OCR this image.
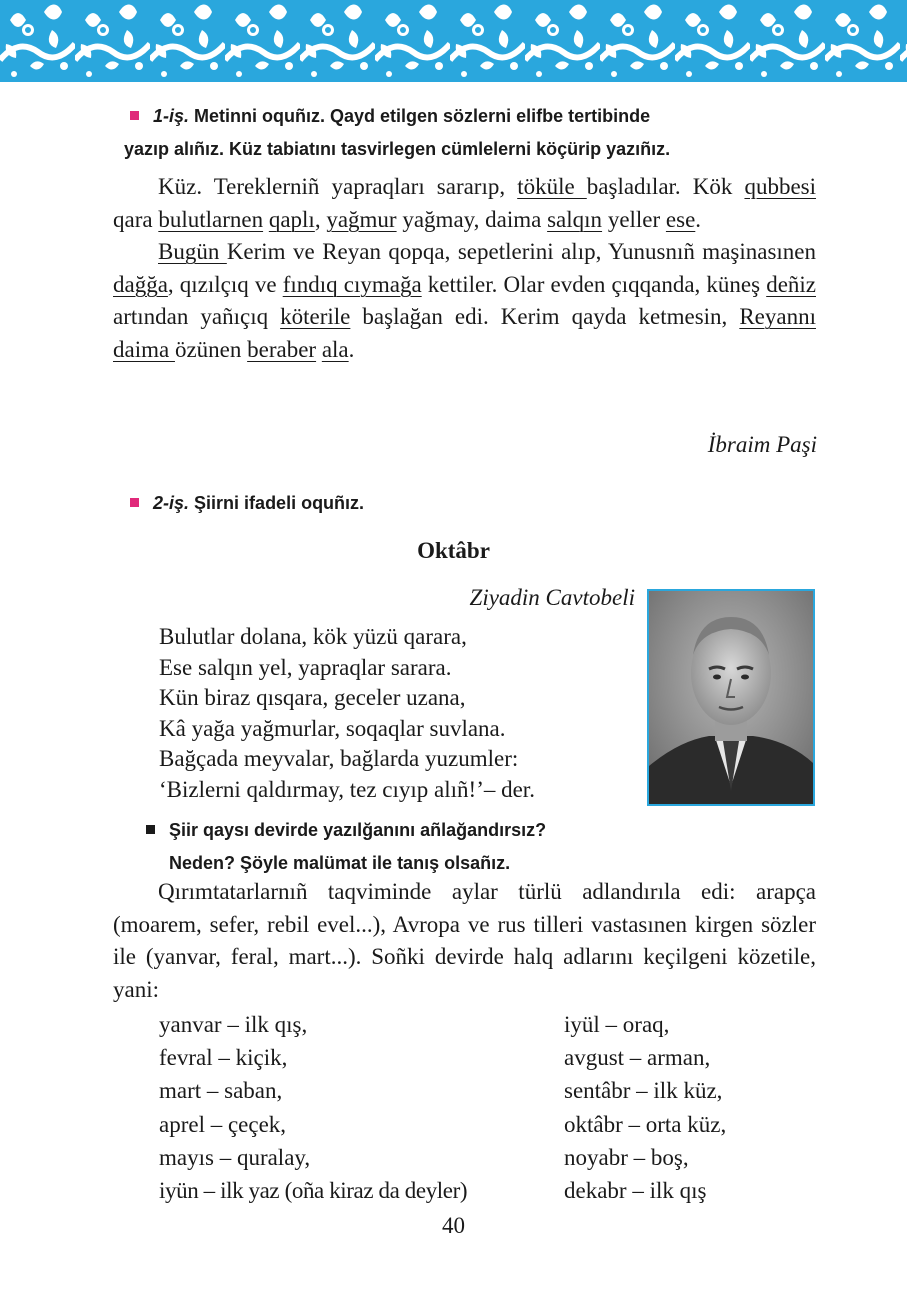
1-iş. Metinni oquñız. Qayd etilgen sözlerni elifbe tertibinde
yazıp alıñız. Küz tabiatını tasvirlegen cümlelerni köçürip yazıñız.

Küz. Tereklerniñ yapraqları sararıp, töküle başladılar. Kök qubbesi qara bulutlarnen qaplı, yağmur yağmay, daima salqın yeller ese.

Bugün Kerim ve Reyan qopqa, sepetlerini alıp, Yunusnıñ maşinasınen dağğa, qızılçıq ve fındıq cıymağa kettiler. Olar evden çıqqanda, küneş deñiz artından yañıçıq köterile başlağan edi. Kerim qayda ketmesin, Reyannı daima özünen beraber ala.

İbraim Paşi
2-iş. Şiirni ifadeli oquñız.
Oktâbr
Ziyadin Cavtobeli
Bulutlar dolana, kök yüzü qarara,
Ese salqın yel, yapraqlar sarara.
Kün biraz qısqara, geceler uzana,
Kâ yağa yağmurlar, soqaqlar suvlana.
Bağçada meyvalar, bağlarda yuzumler:
‘Bizlerni qaldırmay, tez cıyıp alıñ!’– der.
Şiir qaysı devirde yazılğanını añlağandırsız?
Neden? Şöyle malümat ile tanış olsañız.

Qırımtatarlarnıñ taqviminde aylar türlü adlandırıla edi: arapça (moarem, sefer, rebil evel...), Avropa ve rus tilleri vastasınen kirgen sözler ile (yanvar, feral, mart...). Soñki devirde halq adlarını keçilgeni közetile, yani:

yanvar – ilk qış,
fevral – kiçik,
mart – saban,
aprel – çeçek,
mayıs – quralay,
iyün – ilk yaz (oña kiraz da deyler)
iyül – oraq,
avgust – arman,
sentâbr – ilk küz,
oktâbr – orta küz,
noyabr – boş,
dekabr – ilk qış
40
